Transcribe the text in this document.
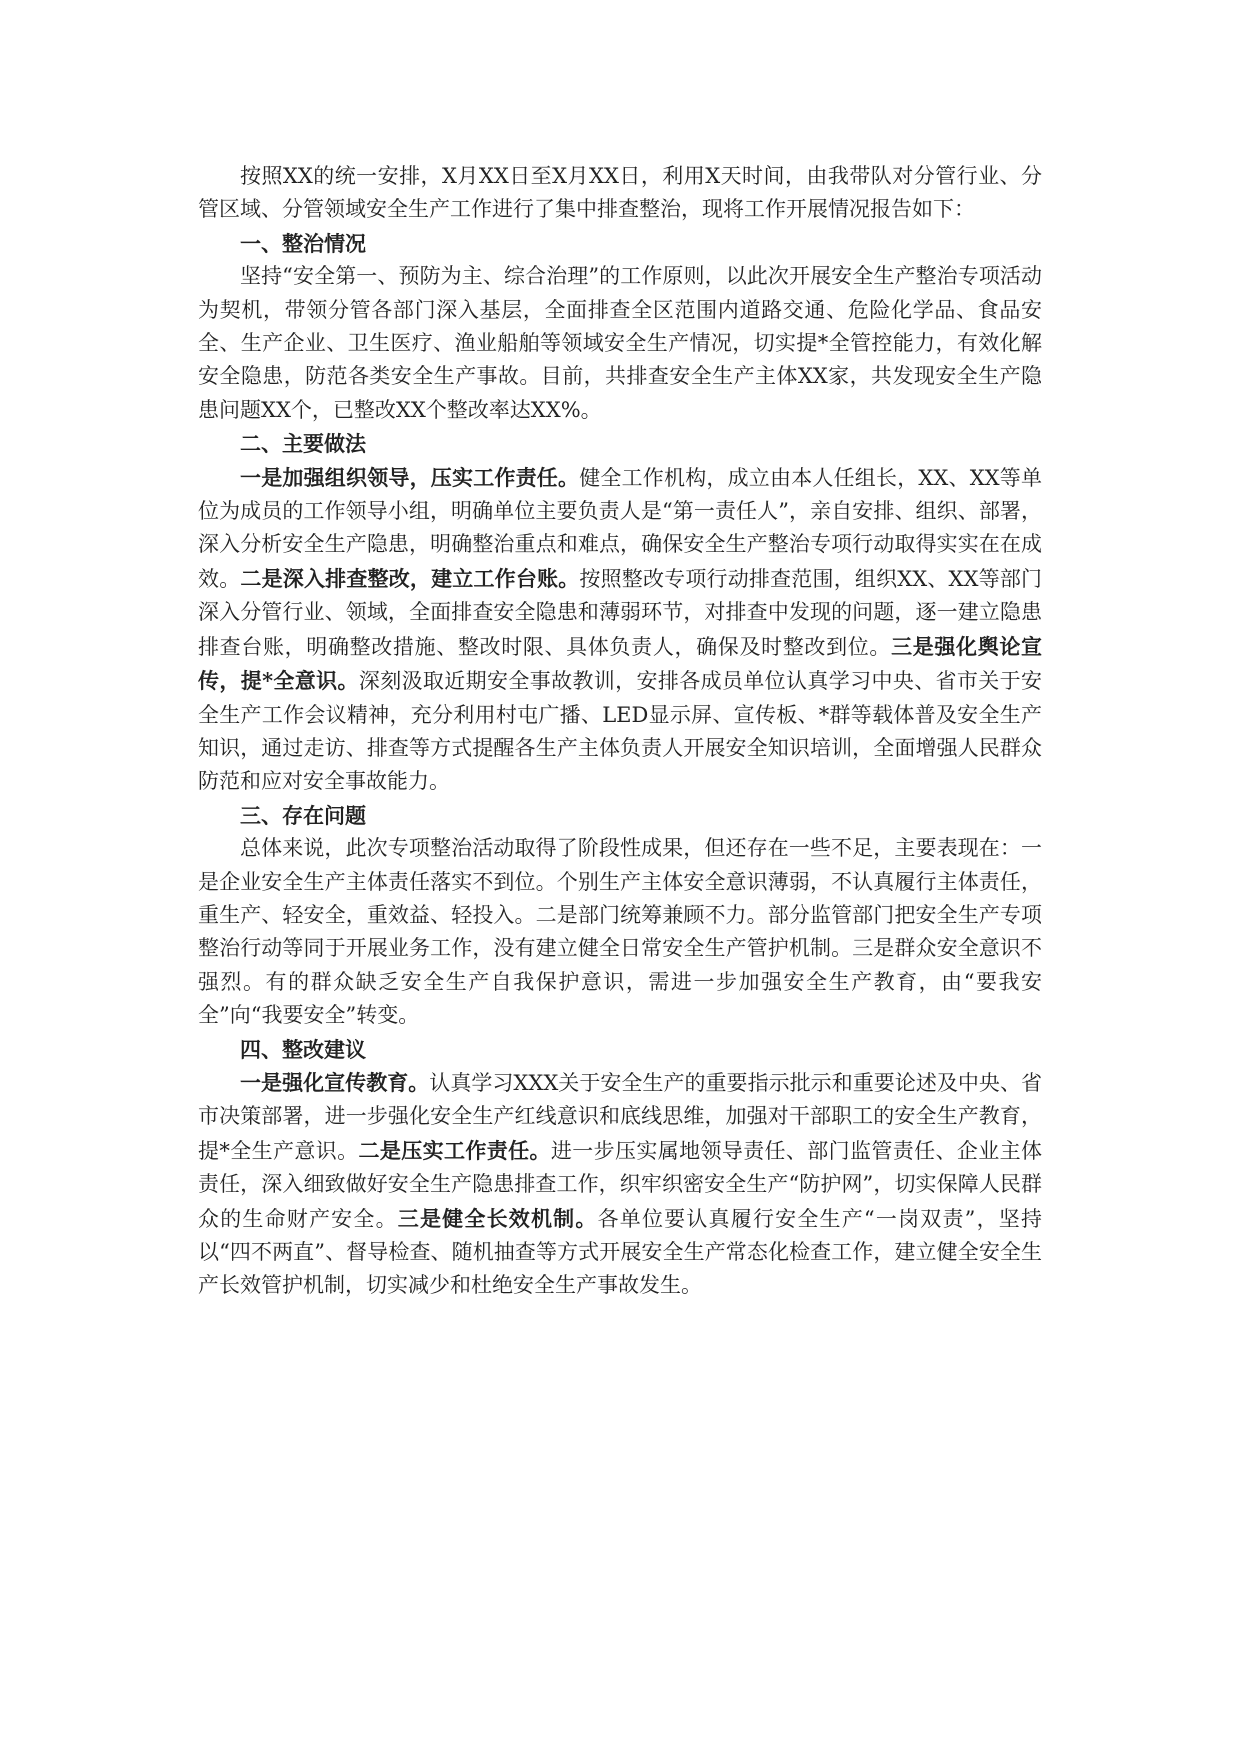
按照XX的统一安排，X月XX日至X月XX日，利用X天时间，由我带队对分管行业、分管区域、分管领域安全生产工作进行了集中排查整治，现将工作开展情况报告如下：

一、整治情况

坚持“安全第一、预防为主、综合治理”的工作原则，以此次开展安全生产整治专项活动为契机，带领分管各部门深入基层，全面排查全区范围内道路交通、危险化学品、食品安全、生产企业、卫生医疗、渔业船舶等领域安全生产情况，切实提*全管控能力，有效化解安全隐患，防范各类安全生产事故。目前，共排查安全生产主体XX家，共发现安全生产隐患问题XX个，已整改XX个整改率达XX%。

二、主要做法

一是加强组织领导，压实工作责任。健全工作机构，成立由本人任组长，XX、XX等单位为成员的工作领导小组，明确单位主要负责人是“第一责任人”，亲自安排、组织、部署，深入分析安全生产隐患，明确整治重点和难点，确保安全生产整治专项行动取得实实在在成效。二是深入排查整改，建立工作台账。按照整改专项行动排查范围，组织XX、XX等部门深入分管行业、领域，全面排查安全隐患和薄弱环节，对排查中发现的问题，逐一建立隐患排查台账，明确整改措施、整改时限、具体负责人，确保及时整改到位。三是强化舆论宣传，提*全意识。深刻汲取近期安全事故教训，安排各成员单位认真学习中央、省市关于安全生产工作会议精神，充分利用村屯广播、LED显示屏、宣传板、*群等载体普及安全生产知识，通过走访、排查等方式提醒各生产主体负责人开展安全知识培训，全面增强人民群众防范和应对安全事故能力。

三、存在问题

总体来说，此次专项整治活动取得了阶段性成果，但还存在一些不足，主要表现在：一是企业安全生产主体责任落实不到位。个别生产主体安全意识薄弱，不认真履行主体责任，重生产、轻安全，重效益、轻投入。二是部门统筹兼顾不力。部分监管部门把安全生产专项整治行动等同于开展业务工作，没有建立健全日常安全生产管护机制。三是群众安全意识不强烈。有的群众缺乏安全生产自我保护意识，需进一步加强安全生产教育，由“要我安全”向“我要安全”转变。

四、整改建议

一是强化宣传教育。认真学习XXX关于安全生产的重要指示批示和重要论述及中央、省市决策部署，进一步强化安全生产红线意识和底线思维，加强对干部职工的安全生产教育，提*全生产意识。二是压实工作责任。进一步压实属地领导责任、部门监管责任、企业主体责任，深入细致做好安全生产隐患排查工作，织牢织密安全生产“防护网”，切实保障人民群众的生命财产安全。三是健全长效机制。各单位要认真履行安全生产“一岗双责”，坚持以“四不两直”、督导检查、随机抽查等方式开展安全生产常态化检查工作，建立健全安全生产长效管护机制，切实减少和杜绝安全生产事故发生。
